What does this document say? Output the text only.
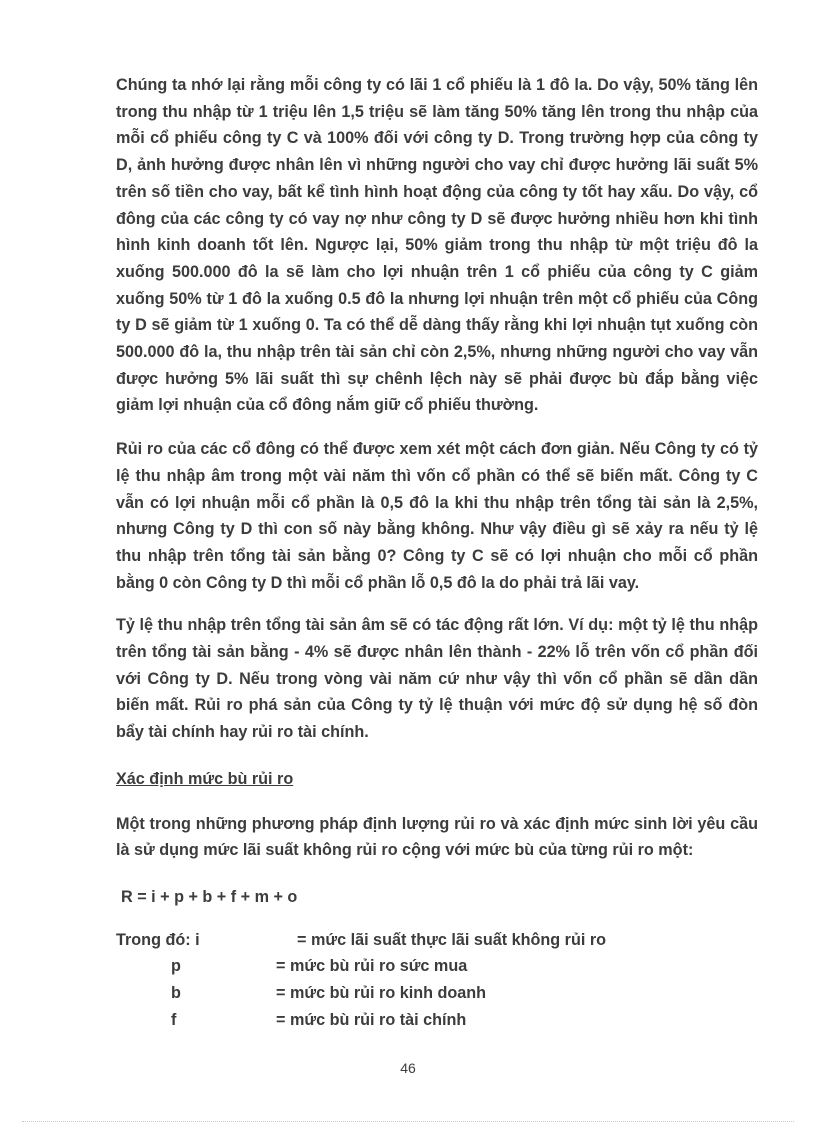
Chúng ta nhớ lại rằng mỗi công ty có lãi 1 cổ phiếu là 1 đô la. Do vậy, 50% tăng lên trong thu nhập từ 1 triệu lên 1,5 triệu sẽ làm tăng 50% tăng lên trong thu nhập của mỗi cổ phiếu công ty C và 100% đối với công ty D. Trong trường hợp của công ty D, ảnh hưởng được nhân lên vì những người cho vay chỉ được hưởng lãi suất 5% trên số tiền cho vay, bất kể tình hình hoạt động của công ty tốt hay xấu. Do vậy, cổ đông của các công ty có vay nợ như công ty D sẽ được hưởng nhiều hơn khi tình hình kinh doanh tốt lên. Ngược lại, 50% giảm trong thu nhập từ một triệu đô la xuống 500.000 đô la sẽ làm cho lợi nhuận trên 1 cổ phiếu của công ty C giảm xuống 50% từ 1 đô la xuống 0.5 đô la nhưng lợi nhuận trên một cổ phiếu của Công ty D sẽ giảm từ 1 xuống 0. Ta có thể dễ dàng thấy rằng khi lợi nhuận tụt xuống còn 500.000 đô la, thu nhập trên tài sản chỉ còn 2,5%, nhưng những người cho vay vẫn được hưởng 5% lãi suất thì sự chênh lệch này sẽ phải được bù đắp bằng việc giảm lợi nhuận của cổ đông nắm giữ cổ phiếu thường.

Rủi ro của các cổ đông có thể được xem xét một cách đơn giản. Nếu Công ty có tỷ lệ thu nhập âm trong một vài năm thì vốn cổ phần có thể sẽ biến mất. Công ty C vẫn có lợi nhuận mỗi cổ phần là 0,5 đô la khi thu nhập trên tổng tài sản là 2,5%, nhưng Công ty D thì con số này bằng không. Như vậy điều gì sẽ xảy ra nếu tỷ lệ thu nhập trên tổng tài sản bằng 0? Công ty C sẽ có lợi nhuận cho mỗi cổ phần bằng 0 còn Công ty D thì mỗi cổ phần lỗ 0,5 đô la do phải trả lãi vay.

Tỷ lệ thu nhập trên tổng tài sản âm sẽ có tác động rất lớn. Ví dụ: một tỷ lệ thu nhập trên tổng tài sản bằng - 4% sẽ được nhân lên thành - 22% lỗ trên vốn cổ phần đối với Công ty D. Nếu trong vòng vài năm cứ như vậy thì vốn cổ phần sẽ dần dần biến mất. Rủi ro phá sản của Công ty tỷ lệ thuận với mức độ sử dụng hệ số đòn bẩy tài chính hay rủi ro tài chính.

Xác định mức bù rủi ro

Một trong những phương pháp định lượng rủi ro và xác định mức sinh lời yêu cầu là sử dụng mức lãi suất không rủi ro cộng với mức bù của từng rủi ro một:

R = i + p + b + f + m + o

Trong đó: i	= mức lãi suất thực lãi suất không rủi ro
p	= mức bù rủi ro sức mua
b	= mức bù rủi ro kinh doanh
f	= mức bù rủi ro tài chính
46
